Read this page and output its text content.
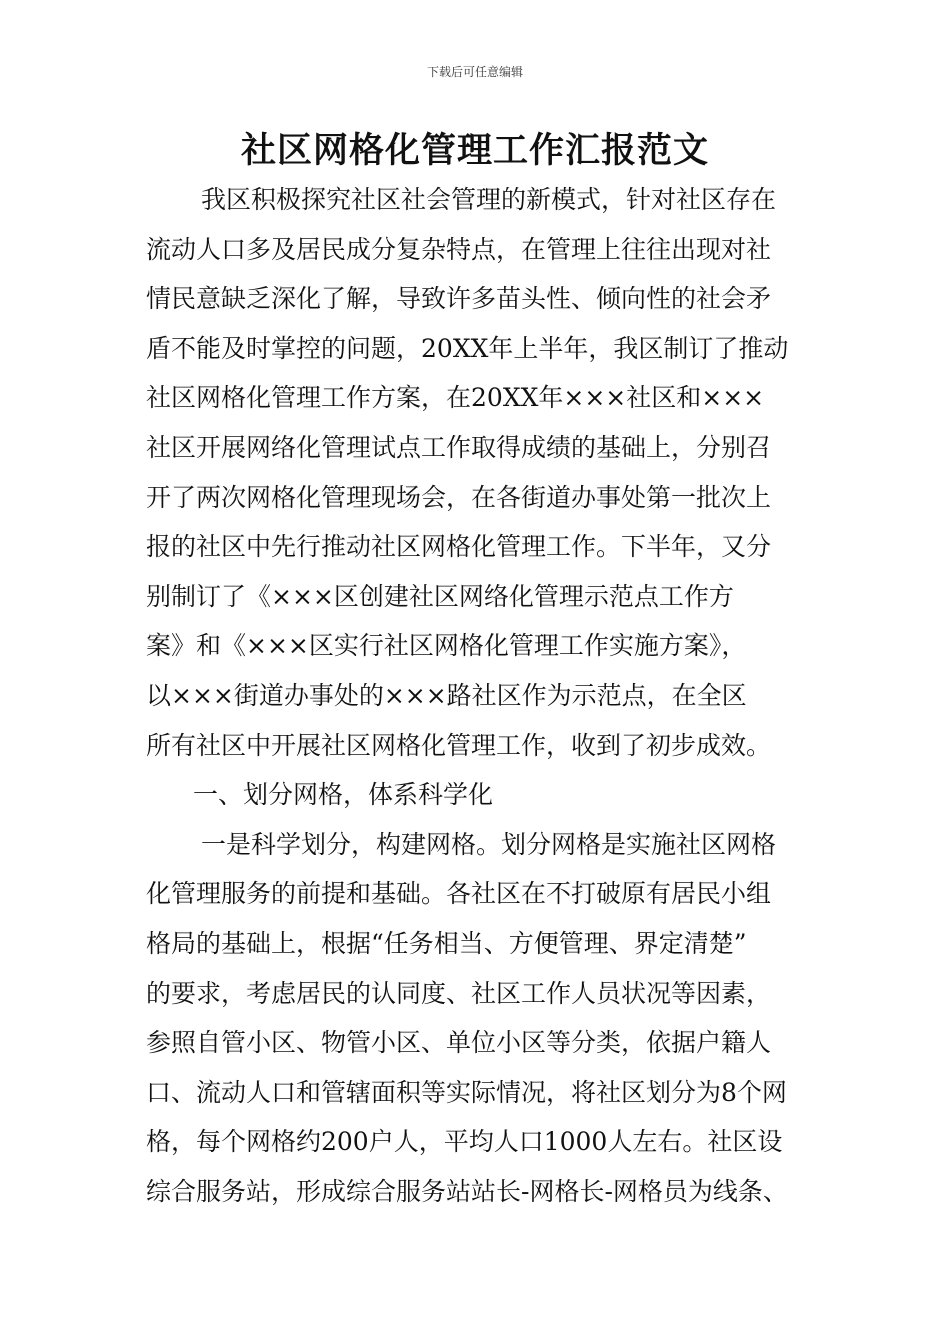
下载后可任意编辑
社区网格化管理工作汇报范文
我区积极探究社区社会管理的新模式，针对社区存在
流动人口多及居民成分复杂特点，在管理上往往出现对社
情民意缺乏深化了解，导致许多苗头性、倾向性的社会矛
盾不能及时掌控的问题，20XX年上半年，我区制订了推动
社区网格化管理工作方案，在20XX年×××社区和×××
社区开展网络化管理试点工作取得成绩的基础上，分别召
开了两次网格化管理现场会，在各街道办事处第一批次上
报的社区中先行推动社区网格化管理工作。下半年，又分
别制订了《×××区创建社区网络化管理示范点工作方
案》和《×××区实行社区网格化管理工作实施方案》，
以×××街道办事处的×××路社区作为示范点，在全区
所有社区中开展社区网格化管理工作，收到了初步成效。
一、划分网格，体系科学化
一是科学划分，构建网格。划分网格是实施社区网格
化管理服务的前提和基础。各社区在不打破原有居民小组
格局的基础上，根据“任务相当、方便管理、界定清楚”
的要求，考虑居民的认同度、社区工作人员状况等因素，
参照自管小区、物管小区、单位小区等分类，依据户籍人
口、流动人口和管辖面积等实际情况，将社区划分为8个网
格，每个网格约200户人，平均人口1000人左右。社区设
综合服务站，形成综合服务站站长-网格长-网格员为线条、
